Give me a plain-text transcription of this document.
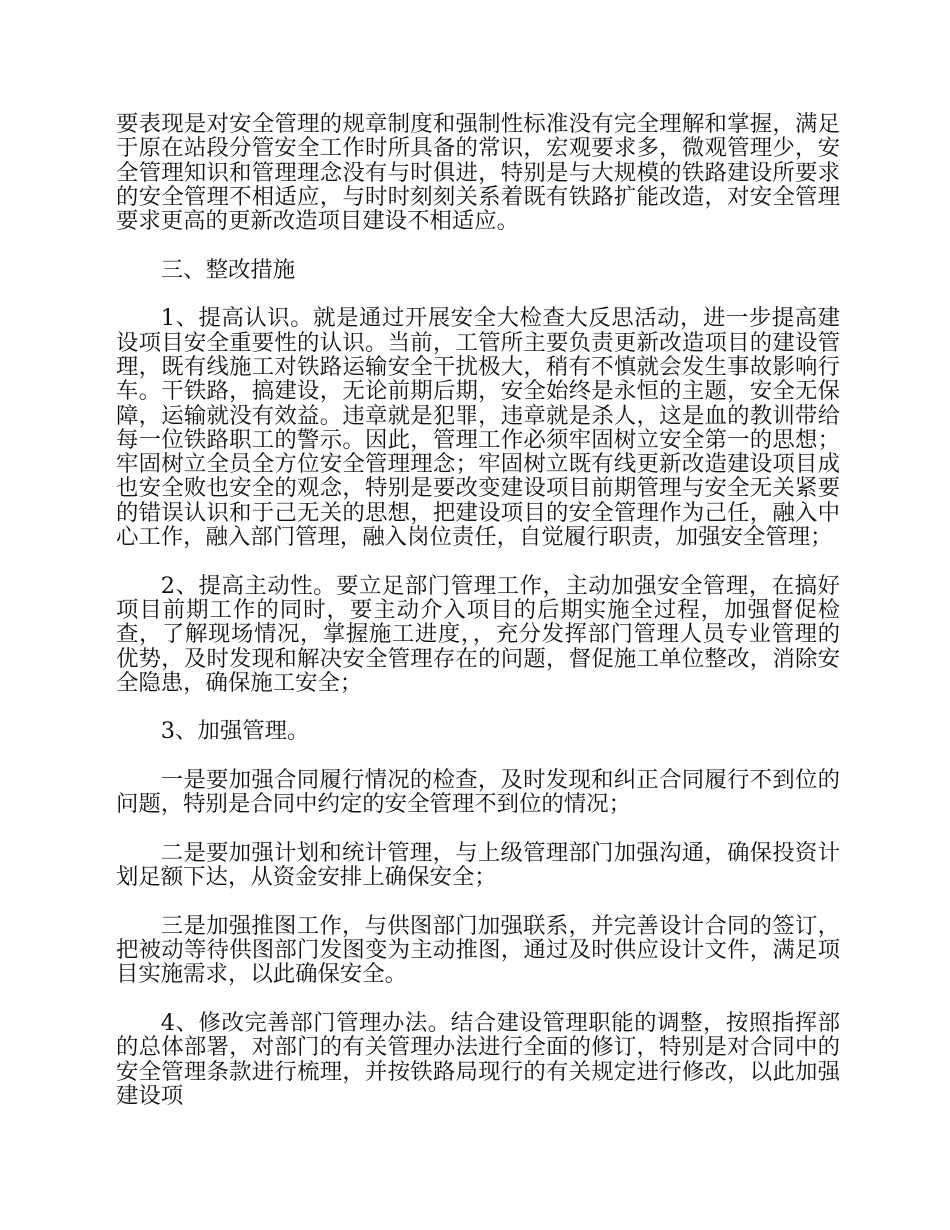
要表现是对安全管理的规章制度和强制性标准没有完全理解和掌握，满足于原在站段分管安全工作时所具备的常识，宏观要求多，微观管理少，安全管理知识和管理理念没有与时俱进，特别是与大规模的铁路建设所要求的安全管理不相适应，与时时刻刻关系着既有铁路扩能改造，对安全管理要求更高的更新改造项目建设不相适应。

三、整改措施

1、提高认识。就是通过开展安全大检查大反思活动，进一步提高建设项目安全重要性的认识。当前，工管所主要负责更新改造项目的建设管理，既有线施工对铁路运输安全干扰极大，稍有不慎就会发生事故影响行车。干铁路，搞建设，无论前期后期，安全始终是永恒的主题，安全无保障，运输就没有效益。违章就是犯罪，违章就是杀人，这是血的教训带给每一位铁路职工的警示。因此，管理工作必须牢固树立安全第一的思想；牢固树立全员全方位安全管理理念；牢固树立既有线更新改造建设项目成也安全败也安全的观念，特别是要改变建设项目前期管理与安全无关紧要的错误认识和于己无关的思想，把建设项目的安全管理作为己任，融入中心工作，融入部门管理，融入岗位责任，自觉履行职责，加强安全管理；

2、提高主动性。要立足部门管理工作，主动加强安全管理，在搞好项目前期工作的同时，要主动介入项目的后期实施全过程，加强督促检查，了解现场情况，掌握施工进度，，充分发挥部门管理人员专业管理的优势，及时发现和解决安全管理存在的问题，督促施工单位整改，消除安全隐患，确保施工安全；

3、加强管理。

一是要加强合同履行情况的检查，及时发现和纠正合同履行不到位的问题，特别是合同中约定的安全管理不到位的情况；

二是要加强计划和统计管理，与上级管理部门加强沟通，确保投资计划足额下达，从资金安排上确保安全；

三是加强推图工作，与供图部门加强联系，并完善设计合同的签订，把被动等待供图部门发图变为主动推图，通过及时供应设计文件，满足项目实施需求，以此确保安全。

4、修改完善部门管理办法。结合建设管理职能的调整，按照指挥部的总体部署，对部门的有关管理办法进行全面的修订，特别是对合同中的安全管理条款进行梳理，并按铁路局现行的有关规定进行修改，以此加强建设项
